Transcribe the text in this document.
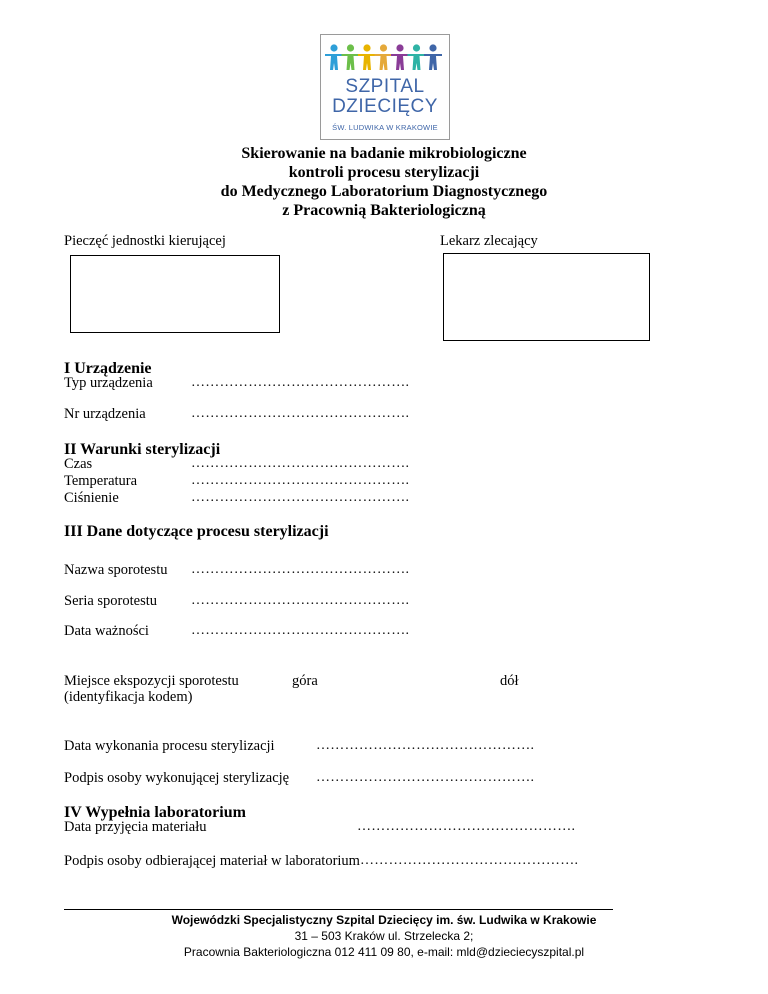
SZPITAL
DZIECIĘCY
ŚW. LUDWIKA W KRAKOWIE
Skierowanie na badanie mikrobiologiczne
kontroli procesu sterylizacji
do Medycznego Laboratorium Diagnostycznego
z Pracownią Bakteriologiczną
Pieczęć jednostki kierującej	Lekarz zlecający
I Urządzenie
Typ urządzenia	……………………………………….
Nr urządzenia	……………………………………….
II Warunki sterylizacji
Czas	……………………………………….
Temperatura	……………………………………….
Ciśnienie	……………………………………….
III Dane dotyczące procesu sterylizacji
Nazwa sporotestu ……………………………………….
Seria sporotestu ……………………………………….
Data ważności	……………………………………….
Miejsce ekspozycji sporotestu
(identyfikacja kodem)
góra	dół
Data wykonania procesu sterylizacji	……………………………………….
Podpis osoby wykonującej sterylizację ……………………………………….
IV Wypełnia laboratorium
Data przyjęcia materiału	……………………………………….
Podpis osoby odbierającej materiał w laboratorium ……………………………………….
Wojewódzki Specjalistyczny Szpital Dziecięcy im. św. Ludwika w Krakowie
31 – 503 Kraków ul. Strzelecka 2;
Pracownia Bakteriologiczna 012 411 09 80, e-mail: mld@dzieciecyszpital.pl
